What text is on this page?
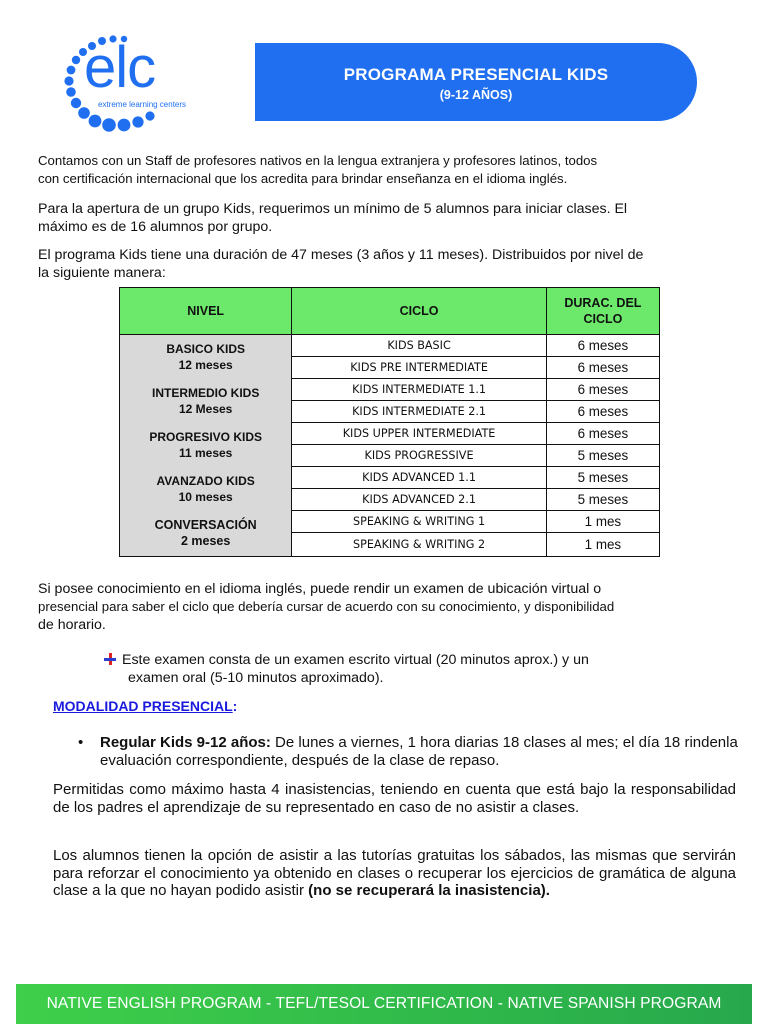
elc
extreme learning centers
PROGRAMA PRESENCIAL KIDS
(9-12 AÑOS)
Contamos con un Staff de profesores nativos en la lengua extranjera y profesores latinos, todos
con certificación internacional que los acredita para brindar enseñanza en el idioma inglés.
Para la apertura de un grupo Kids, requerimos un mínimo de 5 alumnos para iniciar clases. El
máximo es de 16 alumnos por grupo.
El programa Kids tiene una duración de 47 meses (3 años y 11 meses). Distribuidos por nivel de
la siguiente manera:
NIVEL	CICLO	DURAC. DEL
CICLO

BASICO KIDS
12 meses	KIDS BASIC	6 meses
	KIDS PRE INTERMEDIATE	6 meses

INTERMEDIO KIDS
12 Meses	KIDS INTERMEDIATE 1.1	6 meses
	KIDS INTERMEDIATE 2.1	6 meses

PROGRESIVO KIDS
11 meses	KIDS UPPER INTERMEDIATE	6 meses
	KIDS PROGRESSIVE	5 meses

AVANZADO KIDS
10 meses	KIDS ADVANCED 1.1	5 meses
	KIDS ADVANCED 2.1	5 meses

CONVERSACIÓN
2 meses	SPEAKING & WRITING 1	1 mes
	SPEAKING & WRITING 2	1 mes
Si posee conocimiento en el idioma inglés, puede rendir un examen de ubicación virtual o
presencial para saber el ciclo que debería cursar de acuerdo con su conocimiento, y disponibilidad
de horario.
Este examen consta de un examen escrito virtual (20 minutos aprox.) y un
examen oral (5-10 minutos aproximado).
MODALIDAD PRESENCIAL:
•	Regular Kids 9-12 años: De lunes a viernes, 1 hora diarias 18 clases al mes; el día 18 rindenla evaluación correspondiente, después de la clase de repaso.
Permitidas como máximo hasta 4 inasistencias, teniendo en cuenta que está bajo la responsabilidad de los padres el aprendizaje de su representado en caso de no asistir a clases.
Los alumnos tienen la opción de asistir a las tutorías gratuitas los sábados, las mismas que servirán para reforzar el conocimiento ya obtenido en clases o recuperar los ejercicios de gramática de alguna clase a la que no hayan podido asistir (no se recuperará la inasistencia).
NATIVE ENGLISH PROGRAM - TEFL/TESOL CERTIFICATION - NATIVE SPANISH PROGRAM
